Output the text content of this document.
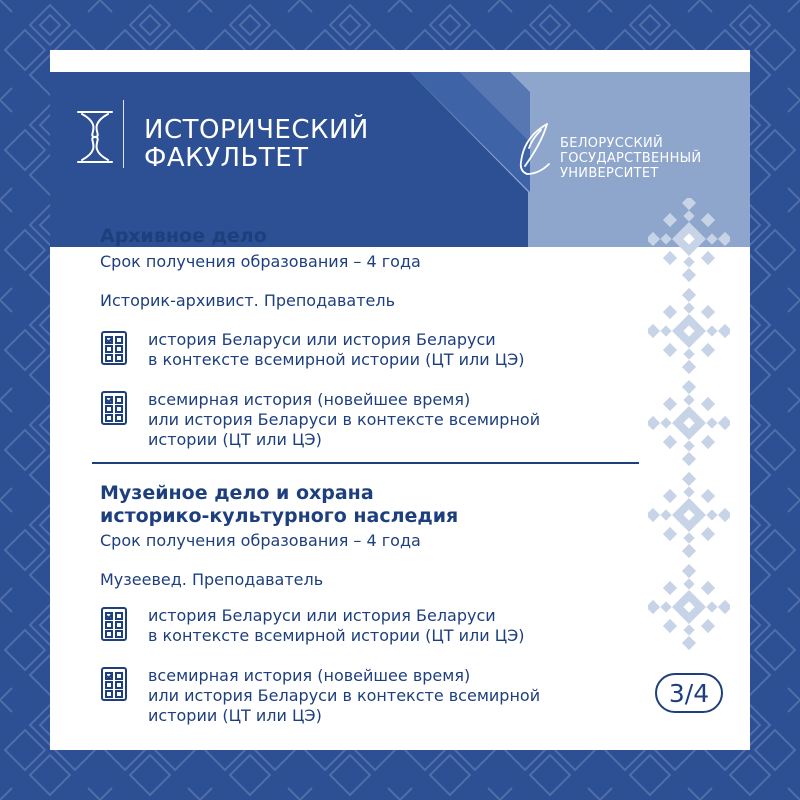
ИСТОРИЧЕСКИЙ
ФАКУЛЬТЕТ	БЕЛОРУССКИЙ
ГОСУДАРСТВЕННЫЙ
УНИВЕРСИТЕТ
Архивное дело

Срок получения образования – 4 года

Историк-архивист. Преподаватель

история Беларуси или история Беларуси
в контексте всемирной истории (ЦТ или ЦЭ)
всемирная история (новейшее время)
или история Беларуси в контексте всемирной
истории (ЦТ или ЦЭ)
Музейное дело и охрана
историко-культурного наследия

Срок получения образования – 4 года

Музеевед. Преподаватель

история Беларуси или история Беларуси
в контексте всемирной истории (ЦТ или ЦЭ)
всемирная история (новейшее время)
или история Беларуси в контексте всемирной
истории (ЦТ или ЦЭ)
3/4
